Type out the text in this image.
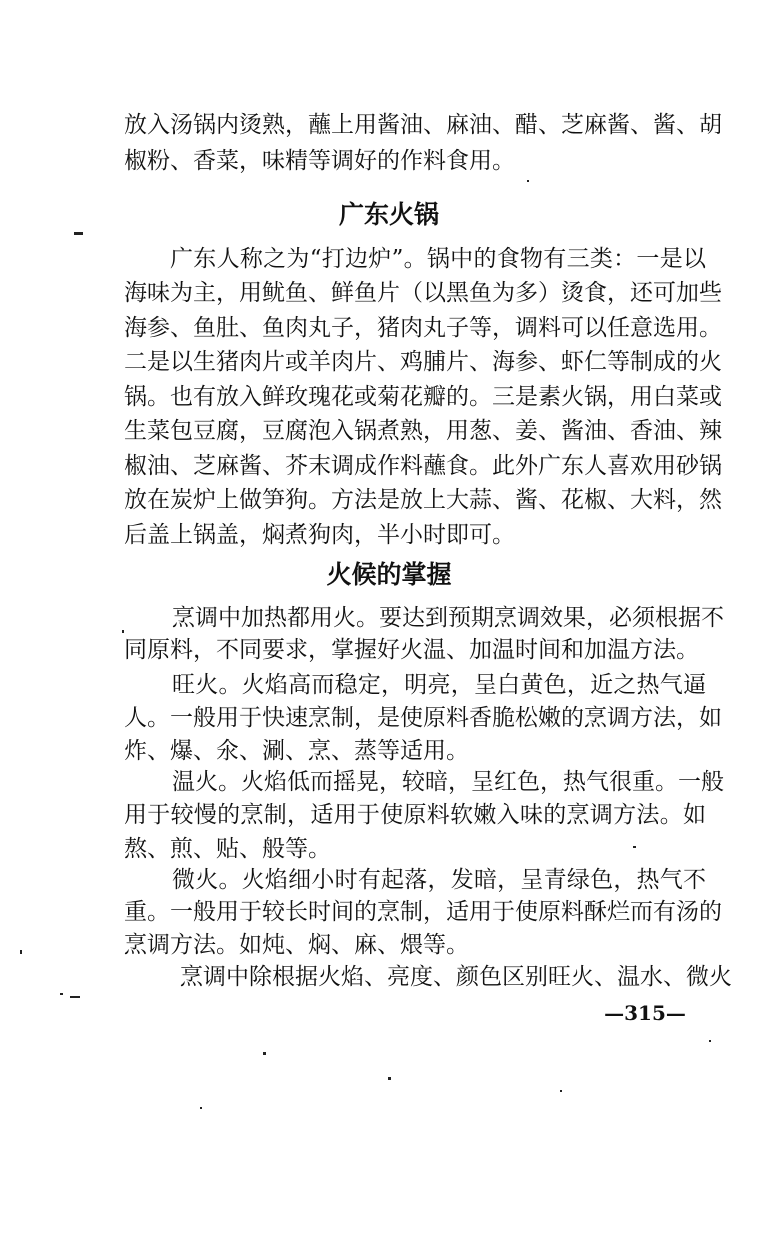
放入汤锅内烫熟，蘸上用酱油、麻油、醋、芝麻酱、酱、胡
椒粉、香菜，味精等调好的作料食用。
广东火锅
广东人称之为“打边炉”。锅中的食物有三类：一是以
海味为主，用鱿鱼、鲜鱼片（以黑鱼为多）烫食，还可加些
海参、鱼肚、鱼肉丸子，猪肉丸子等，调料可以任意选用。
二是以生猪肉片或羊肉片、鸡脯片、海参、虾仁等制成的火
锅。也有放入鲜玫瑰花或菊花瓣的。三是素火锅，用白菜或
生菜包豆腐，豆腐泡入锅煮熟，用葱、姜、酱油、香油、辣
椒油、芝麻酱、芥末调成作料蘸食。此外广东人喜欢用砂锅
放在炭炉上做笋狗。方法是放上大蒜、酱、花椒、大料，然
后盖上锅盖，焖煮狗肉，半小时即可。
火候的掌握
烹调中加热都用火。要达到预期烹调效果，必须根据不
同原料，不同要求，掌握好火温、加温时间和加温方法。
旺火。火焰高而稳定，明亮，呈白黄色，近之热气逼
人。一般用于快速烹制，是使原料香脆松嫩的烹调方法，如
炸、爆、氽、涮、烹、蒸等适用。
温火。火焰低而摇晃，较暗，呈红色，热气很重。一般
用于较慢的烹制，适用于使原料软嫩入味的烹调方法。如
熬、煎、贴、般等。
微火。火焰细小时有起落，发暗，呈青绿色，热气不
重。一般用于较长时间的烹制，适用于使原料酥烂而有汤的
烹调方法。如炖、焖、麻、煨等。
烹调中除根据火焰、亮度、颜色区别旺火、温水、微火
—315—
